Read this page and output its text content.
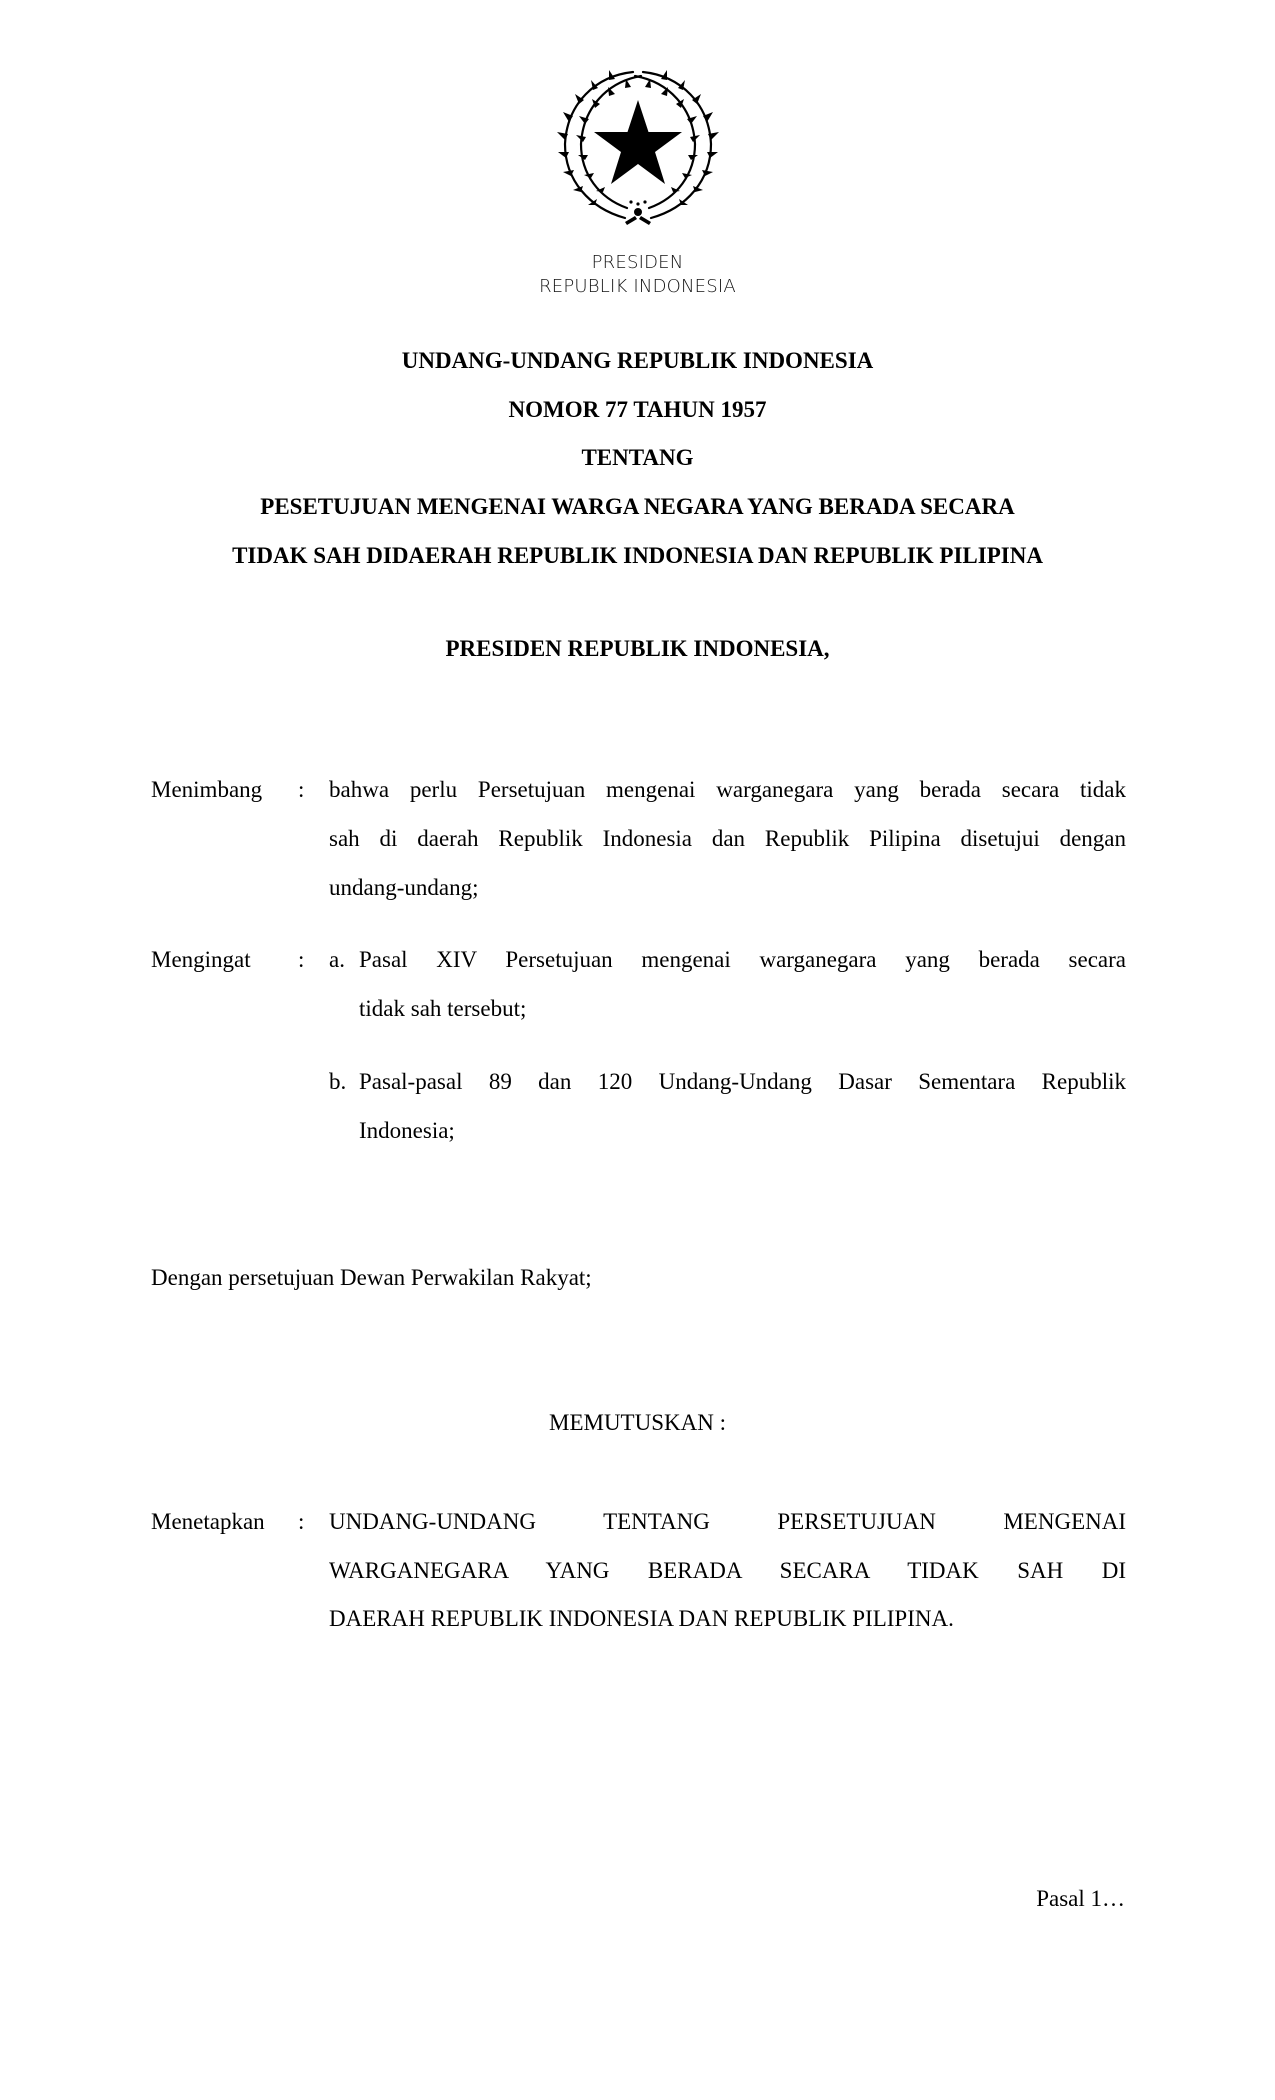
PRESIDEN
REPUBLIK INDONESIA
UNDANG-UNDANG REPUBLIK INDONESIA
NOMOR 77 TAHUN 1957
TENTANG
PESETUJUAN MENGENAI WARGA NEGARA YANG BERADA SECARA
TIDAK SAH DIDAERAH REPUBLIK INDONESIA DAN REPUBLIK PILIPINA
PRESIDEN REPUBLIK INDONESIA,
Menimbang : bahwa perlu Persetujuan mengenai warganegara yang berada secara tidak
sah di daerah Republik Indonesia dan Republik Pilipina disetujui dengan
undang-undang;
Mengingat : a. Pasal XIV Persetujuan mengenai warganegara yang berada secara
tidak sah tersebut;
b. Pasal-pasal 89 dan 120 Undang-Undang Dasar Sementara Republik
Indonesia;
Dengan persetujuan Dewan Perwakilan Rakyat;
MEMUTUSKAN :
Menetapkan : UNDANG-UNDANG TENTANG PERSETUJUAN MENGENAI
WARGANEGARA YANG BERADA SECARA TIDAK SAH DI
DAERAH REPUBLIK INDONESIA DAN REPUBLIK PILIPINA.
Pasal 1…
